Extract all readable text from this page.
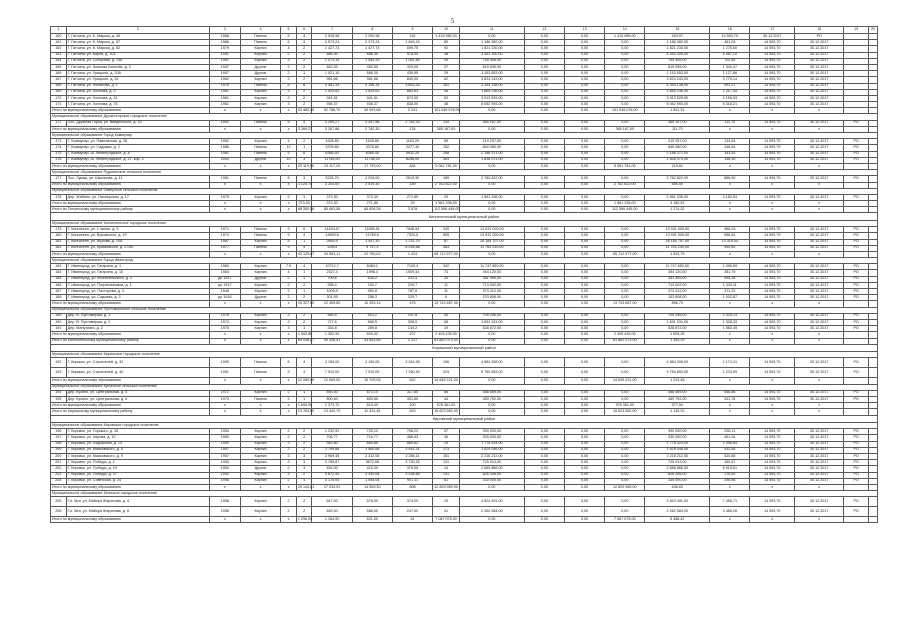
5
1	2	3	4	5	6	7	8	9	10	11	12	13	14	15	16	17	18	19	20
160	Г. Гатчина, ул. К. Маркса, д. 46	1966	Панель	5	4	2 518,98	2 290,98	116	1 415 985,00	0,00	0,00	0,00	1 415 985,00	404,97	14 593,70	30.12.2017	РО		
161	Г. Гатчина, ул. К. Маркса, д. 57	1986	Панель	5	3	2 573,24	2 373,24	1 845,24	89	1 186 382,00	0,00	0,00	0,00	1 186 382,00	461,03	14 593,70	30.12.2017		
162	Г. Гатчина, ул. К. Маркса, д. 62	1979	Кирпич	4	2	1 427,73	1 427,73	699,75	92	1 821 230,00	0,00	0,00	0,00	1 821 230,00	1 275,60	14 593,70	30.12.2017		
163	Г. Гатчина, ул. Карла, д. 101	1951	Кирпич	2	2	686,30	686,30	576,00	38	4 453 300,00	0,00	0,00	0,00	4 453 300,00	6 487,10	14 593,70	30.12.2017		
164	Г. Гатчина, ул. Соборная, д. 14Б	1961	Кирпич	3	2	1 074,15	1 084,20	1 081,80	39	755 406,00	0,00	0,00	0,00	755 406,00	702,65	14 593,70	30.12.2017		
165	Г. Гатчина, ул. Чкалова Балтийс, д. 2	1947	Другие	2	2	462,53	462,53	329,00	27	619 995,00	0,00	0,00	0,00	619 995,00	1 340,47	14 593,70	30.12.2017		
166	Г. Гатчина, ул. Урицкого, д. 20А	1957	Другие	2	1	1 021,10	568,30	436,95	29	1 153 653,00	0,00	0,00	0,00	1 153 653,00	1 127,86	14 593,70	30.12.2017		
167	Г. Гатчина, ул. Урицкого, д. 34	1962	Кирпич	2	2	961,66	961,66	840,00	62	3 624 243,00	0,00	0,00	0,00	3 624 243,00	3 770,14	14 593,70	30.12.2017		
168	Г. Гатчина, ул. Филатова, д. 1	1970	Панель	5	6	4 381,34	4 196,34	3 663,34	181	4 354 138,00	0,00	0,00	0,00	4 354 138,00	993,27	14 593,70	30.12.2017		
169	Г. Гатчина, ул. Хохлова, д. 5	1961	Кирпич	3	2	1 529,63	1 529,63	863,63	48	1 865 236,00	0,00	0,00	0,00	1 865 236,00	1 217,44	14 593,70	30.12.2017		
170	Г. Гатчина, ул. Хохлова, д. 31	1961	Кирпич	3	2	941,51	941,51	872,00	53	3 913 529,00	0,00	0,00	0,00	3 913 529,00	4 156,53	14 593,70	30.12.2017		
171	Г. Гатчина, ул. Хохлова, д. 75	1961	Кирпич	3	2	936,37	936,37	838,00	48	5 052 993,00	0,00	0,00	0,00	5 052 993,00	5 318,21	14 593,70	30.12.2017		
Итого по муниципальному образованию		x	x	x	53 483,39	52 786,70	40 993,68	2 241	101 049 076,00	0,00	0,00	0,00	101 049 076,00	1 831,31	x	x	x		
Муниципальное образование Дружногорское городское поселение																			
172	Пос. Дружная Горка, ул. Введенского, д. 19	1992	Панель	5	4	3 269,27	3 267,88	2 782,30	134	365 167,00	0,00	0,00	0,00	365 167,00	111,70	14 593,70	30.12.2017	РО	
Итого по муниципальному образованию		x	x	x	3 269,27	3 267,88	2 782,30	134	365 167,00	0,00	0,00	0,00	365 167,00	111,70	x	x	x		
Муниципальное образование Город Коммунар																			
173	Г. Коммунар, ул. Павловская, д. 26	1962	Кирпич	4	2	1628,80	1628,80	1163,20	59	219 257,00	0,00	0,00	0,00	219 257,00	134,64	14 593,70	30.12.2017	РО	
174	Г. Коммунар, ул. Садовая, д. 2	1986	Панель	12	1	3378,80	3378,80	2377,40	152	840 080,00	0,00	0,00	0,00	840 080,00	248,64	14 593,70	30.12.2017	РО	
175	Г. Коммунар, ш. Ленинградское, д. 8	1981	Панель	5	6	6365,40	6365,40	4932,20	258	2 186 371,00	0,00	0,00	0,00	2 186 371,00	343,51	14 593,70	30.12.2017	РО	
176	Г. Коммунар, ш. Ленинградское, д. 27, кор. 2	2004	Другие	10	3	11746,90	11746,20	8256,00	363	1 836 073,00	0,00	0,00	0,00	1 836 073,00	156,30	14 593,70	30.12.2017	РО	
Итого по муниципальному образованию		x	x	x	23 119,90	23 117,20	17 729,00	834	5 081 781,00	0,00	0,00	0,00	5 081 781,00	219,81	x	x	x		
Муниципальное образование Пудомягское сельское поселение																			
177	Пос. Лукаш, ул. Школьная, д. 11	1981	Панель	5	3	3225,70	3 204,00	2519,30	189	2 762 822,00	0,00	0,00	0,00	2 762 822,00	856,50	14 593,70	30.12.2017	РО	
Итого по муниципальному образованию		x	x	x	3 225,70	3 204,00	2 519,30	189	2 762 822,00	0,00	0,00	0,00	2 762 822,00	856,50	x	x	x		
Муниципальное образование Сиверское сельское поселение																			
178	Дер. Жабино, ул. Пионерская, д. 17	1979	Кирпич	2	3	373,30	373,30	271,80	29	1 561 336,00	0,00	0,00	0,00	1 561 336,00	4 182,53	14 593,70	30.12.2017	РО	
Итого по муниципальному образованию		x	x	x	373,30	373,30	271,80	29	1 561 336,00	0,00	0,00	0,00	1 561 336,00	4 182,53	x	x	x		
Итого по Гатчинскому муниципальному району		x	x	x	88 350,56	85 463,58	65 626,28	3 578	112 556 445,00	0,00	0,00	0,00	112 556 445,00	1 274,32	x	x	x		
Кингисеппский муниципальный район																			
Муниципальное образование Кингисеппское городское поселение																			
179	Г. Кингисепп, ул. 1 линия, д. 9	1971	Панель	9	6	14430,67	11589,51	7946,94	349	13 931 000,00	0,00	0,00	0,00	13 931 000,00	966,03	14 593,70	30.12.2017	РО	
180	Г. Кингисепп, ул. Воровского, д. 19	1974	Панель	9	4	14559,6	11760,6	7324,5	505	13 931 000,00	0,00	0,00	0,00	13 931 000,00	956,81	14 593,70	30.12.2017	РО	
181	Г. Кингисепп, ул. Жукова, д. 10А	1987	Кирпич	5	1	2659,9	1 457,30	1 231,70	87	26 184 707,00	0,00	0,00	0,00	26 184 707,00	13 319,44	14 593,70	30.12.2017	РО	
182	Г. Кингисепп, ул. Крикковское, д. 27/50	1977	Панель	9	4	12503	9 747,3	6 248,88	483	11 763 230,00	0,00	0,00	0,00	11 763 230,00	940,82	14 593,70	30.12.2017	РО	
Итого по муниципальному образованию		x	x	x	43 125,87	34 583,11	22 750,02	1 424	65 712 977,00	0,00	0,00	0,00	65 712 977,00	1 523,79	x	x	x		
Муниципальное образование Город Ивангород																			
183	Г. Ивангород, ул. Гагарина, д. 1	1980	Кирпич	7-9	4	10712,7	8484,1	7105,4	342	11 747 850,00	0,00	0,00	0,00	11 747 850,00	1 096,59	14 593,70	30.12.2017	РО	
184	Г. Ивангород, ул. Гагарина, д. 15	1964	Кирпич	4	1	2327,4	1998,4	1909,34	74	454 120,00	0,00	0,00	0,00	454 120,00	281,79	14 593,70	30.12.2017	РО	
185	Г. Ивангород, ул. Кингисеппского, д. 2	до 1917	Другие	2	1	709,6	644,2	231,4	20	351 495,00	0,00	0,00	0,00	351 495,00	495,35	14 593,70	30.12.2017	РО	
186	Г. Ивангород, ул. Пограничников, д. 1	до 1917	Кирпич	2	2	258,4	233,7	229,7	11	713 002,00	0,00	0,00	0,00	713 002,00	1 333,11	14 593,70	30.12.2017	РО	
187	Г. Ивангород, ул. Пасторова, д. 4	1946	Кирпич	2	1	1005,9	950,8	787,6	11	373 412,00	0,00	0,00	0,00	373 412,00	371,22	14 593,70	30.12.2017	РО	
188	Г. Ивангород, ул. Садовая, д. 3	до 1918	Другие	2	2	301,99	258,3	229,7	6	103 808,00	0,00	0,00	0,00	103 808,00	1 002,87	14 593,70	30.12.2017	РО	
Итого по муниципальному образованию		x	x	x	15 327,00	12 459,50	10 493,14	476	13 743 687,00	0,00	0,00	0,00	13 743 687,00	896,70	x	x	x		
Муниципальное образование Пустомержское сельское поселение																			
189	Дер. В. Пустомержа, д. 1	1978	Кирпич	2	2	546,5	523,2	157,8	30	705 256,00	0,00	0,00	0,00	705 256,00	1 425,13	14 593,70	30.12.2017	РО	
190	Дер. В. Пустомержа, д. 2	1974	Кирпич	2	2	717,6	668,5	308,0	58	1 691 331,00	0,00	0,00	0,00	1 691 331,00	1 328,33	14 593,70	30.12.2017	РО	
191	Дер. Манутиаги, д. 2	1975	Кирпич	3	1	334,8	289,8	134,2	19	528 872,00	0,00	0,00	0,00	528 872,00	1 583,45	14 593,70	30.12.2017	РО	
Итого по муниципальному образованию		x	x	x	1 593,80	1 302,90	600,02	107	2 405 439,00	0,00	0,00	0,00	2 405 439,00	1 509,25	x	x	x		
Итого по Кингисеппскому муниципальному району		x	x	x	60 046,67	49 346,51	33 843,66	2 217	81 862 073,00	0,00	0,00	0,00	81 862 073,00	1 363,29	x	x	x		
Киришский муниципальный район																			
Муниципальное образование Киришское городское поселение																			
192	Г. Кириши, ул. Строителей, д. 32	1990	Панель	5	4	4 159,00	4 159,00	3 344,55	198	4 884 308,00	0,00	0,00	0,00	4 884 308,00	1 174,41	14 593,70	30.12.2017	РО	
193	Г. Кириши, ул. Строителей, д. 40	1991	Панель	9	4	7 910,00	7 910,00	7 360,50	324	9 760 853,00	0,00	0,00	0,00	9 760 853,00	1 233,99	14 593,70	30.12.2017	РО	
Итого по муниципальному образованию		x	x	x	12 069,00	12 069,00	10 705,05	522	14 645 221,00	0,00	0,00	0,00	14 645 221,00	1 213,46	x	x	x		
Муниципальное образование Кусинское сельское поселение																			
194	Дер. Кусино, ул. Центральная, д. 5	1972	Кирпич	2	1	893,40	873,10	317,80	56	488 569,00	0,00	0,00	0,00	488 569,00	546,86	14 593,70	30.12.2017	РО	
195	Дер. Кусино, ул. Центральная, д. 6	1973	Панель	2	1	800,60	800,60	301,60	44	489 792,00	0,00	0,00	0,00	489 792,00	611,78	14 593,70	30.12.2017	РО	
Итого по муниципальному образованию		x	x	x	1 694,00	1 373,70	619,40	100	978 361,00	0,00	0,00	0,00	978 361,00	577,54	x	x	x		
Итого по Киришскому муниципальному району		x	x	x	13 763,00	13 442,70	11 324,45	622	15 623 582,00	0,00	0,00	0,00	15 623 582,00	1 135,20	x	x	x		
Кировский муниципальный район																			
Муниципальное образование Кировское городское поселение																			
196	Г. Кировск, ул. Горького, д. 16	1954	Кирпич	2	2	1 232,92	725,12	708,22	37	390 000,00	0,00	0,00	0,00	390 000,00	235,11	14 593,70	30.12.2017	РО	
197	Г. Кировск, ул. Кирова, д. 10	1960	Кирпич	2	2	706,77	716,77	486,93	36	330 000,00	0,00	0,00	0,00	330 000,00	461,94	14 593,70	30.12.2017	РО	
198	Г. Кировск, ул. Ладожская, д. 13	1950	Кирпич	3	2	944,80	884,80	869,82	29	1 778 424,00	0,00	0,00	0,00	1 778 424,00	1 998,84	14 593,70	30.12.2017	РО	
199	Г. Кировск, ул. Маяковского, д. 5	1957	Кирпич	2	2	3 799,66	3 560,66	2 941,31	173	1 629 046,00	0,00	0,00	0,00	1 629 046,00	432,84	14 593,70	30.12.2017	РО	
200	Г. Кировск, ул. Маяковского, д. 9	1957	Кирпич	3	3	2 969,48	2 312,06	2 256,11	151	2 216 212,00	0,00	0,00	0,00	2 216 212,00	620,88	14 593,70	30.12.2017	РО	
201	Г. Кировск, ул. Победы, д. 1	1953	Кирпич	3	3	3 765,87	3670,08	3 730,32	131	725 913,00	0,00	0,00	0,00	725 913,00	160,67	14 593,70	30.12.2017	РО	
202	Г. Кировск, ул. Победы, д. 19	1950	Другие	2	3	454,00	416,30	370,05	14	2 685 866,00	0,00	0,00	0,00	2 685 866,00	5 915,61	14 593,70	30.12.2017	РО	
203	Г. Кировск, ул. Победы, д. 27	1952	Кирпич	3	2	4 672,40	3 340,64	3 298,86	131	826 306,00	0,00	0,00	0,00	826 306,00	176,52	14 593,70	30.12.2017	РО	
204	Г. Кировск, ул. Советская, д. 24	1956	Кирпич	2	1	3 175,04	1 054,04	901,11	61	330 000,00	0,00	0,00	0,00	330 000,00	295,86	14 593,70	30.12.2017	РО	
Итого по муниципальному образованию		x	x	x	20 144,51	17 034,91	14 549,30	808	12 829 969,00	0,00	0,00	0,00	12 829 969,00	636,63	x	x	x		
Муниципальное образование Мгинское городское поселение																			
205	Г.п. Мга, ул. Майора Жаринова, д. 4	1958	Кирпич	2	2	647,00	578,90	374,00	20	4 824 491,00	0,00	0,00	0,00	4 824 491,00	7 456,71	14 593,70	30.12.2017	РО	
206	Г.п. Мга, ул. Майора Жаринова, д. 6	1958	Кирпич	2	2	649,00	586,00	247,00	41	2 262 584,00	0,00	0,00	0,00	2 262 584,00	3 486,26	14 593,70	30.12.2017	РО	
Итого по муниципальному образованию		x	x	x	1 296,00	1 164,90	621,00	61	7 087 075,00	0,00	0,00	0,00	7 087 075,00	5 468,42	x	x	x		
